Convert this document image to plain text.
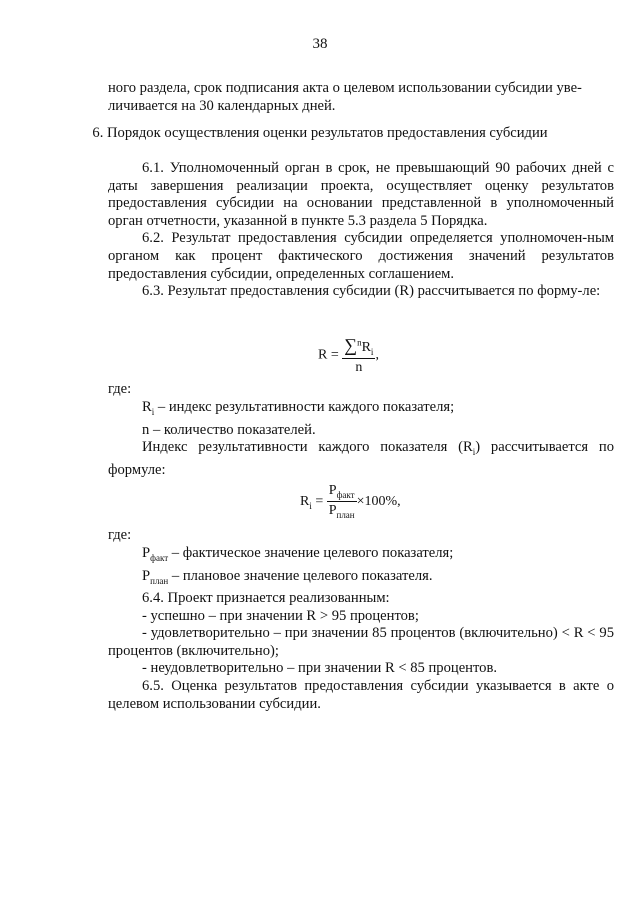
38

ного раздела, срок подписания акта о целевом использовании субсидии уве-

личивается на 30 календарных дней.

6. Порядок осуществления оценки результатов предоставления субсидии

6.1. Уполномоченный орган в срок, не превышающий 90 рабочих дней с даты завершения реализации проекта, осуществляет оценку результатов предоставления субсидии на основании представленной в уполномоченный орган отчетности, указанной в пункте 5.3 раздела 5 Порядка.

6.2. Результат предоставления субсидии определяется уполномочен-ным органом как процент фактического достижения значений результатов предоставления субсидии, определенных соглашением.

6.3. Результат предоставления субсидии (R) рассчитывается по форму-ле:

$R = \frac{\sum^nR_i}{n}$ ,
где:

$R_i$ – индекс результативности каждого показателя;

n – количество показателей.

Индекс результативности каждого показателя $(R_i)$ рассчитывается по формуле:

$R_i = \frac{P_{факт}}{P_{план}} \times 100\%$,
где:

$P_{факт}$ – фактическое значение целевого показателя;

$P_{план}$ – плановое значение целевого показателя.

6.4. Проект признается реализованным:

- успешно – при значении R > 95 процентов;

- удовлетворительно – при значении 85 процентов (включительно) < R < 95 процентов (включительно);

- неудовлетворительно – при значении R < 85 процентов.

6.5. Оценка результатов предоставления субсидии указывается в акте о целевом использовании субсидии.
